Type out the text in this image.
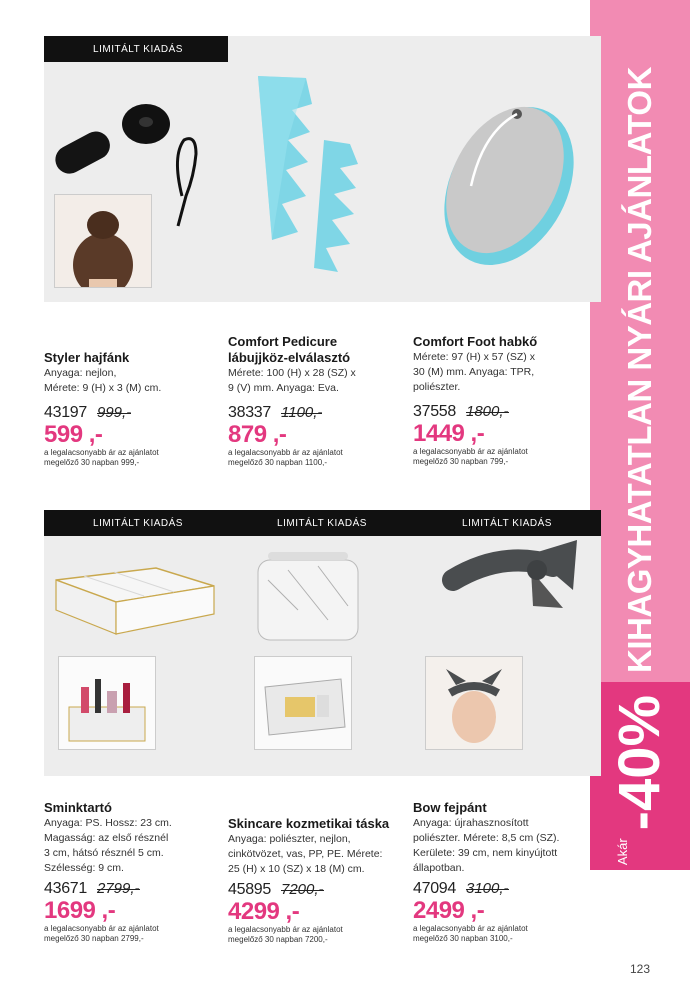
KIHAGYHATATLAN NYÁRI AJÁNLATOK
Akár
-40%
123
LIMITÁLT KIADÁS
Styler hajfánk
Anyaga: nejlon,
Mérete: 9 (H) x 3 (M) cm.
43197 999,-
599 ,-
a legalacsonyabb ár az ajánlatot
megelőző 30 napban 999,-
Comfort Pedicure
lábujjköz-elválasztó
Mérete: 100 (H) x 28 (SZ) x
9 (V) mm. Anyaga: Eva.
38337 1100,-
879 ,-
a legalacsonyabb ár az ajánlatot
megelőző 30 napban 1100,-
Comfort Foot habkő
Mérete: 97 (H) x 57 (SZ) x
30 (M) mm. Anyaga: TPR,
poliészter.
37558 1800,-
1449 ,-
a legalacsonyabb ár az ajánlatot
megelőző 30 napban 799,-
LIMITÁLT KIADÁS
Sminktartó
Anyaga: PS. Hossz: 23 cm.
Magasság: az első résznél
3 cm, hátsó résznél 5 cm.
Szélesség: 9 cm.
43671 2799,-
1699 ,-
a legalacsonyabb ár az ajánlatot
megelőző 30 napban 2799,-
LIMITÁLT KIADÁS
Skincare kozmetikai táska
Anyaga: poliészter, nejlon,
cinkötvözet, vas, PP, PE. Mérete:
25 (H) x 10 (SZ) x 18 (M) cm.
45895 7200,-
4299 ,-
a legalacsonyabb ár az ajánlatot
megelőző 30 napban 7200,-
LIMITÁLT KIADÁS
Bow fejpánt
Anyaga: újrahasznosított
poliészter. Mérete: 8,5 cm (SZ).
Kerülete: 39 cm, nem kinyújtott
állapotban.
47094 3100,-
2499 ,-
a legalacsonyabb ár az ajánlatot
megelőző 30 napban 3100,-
